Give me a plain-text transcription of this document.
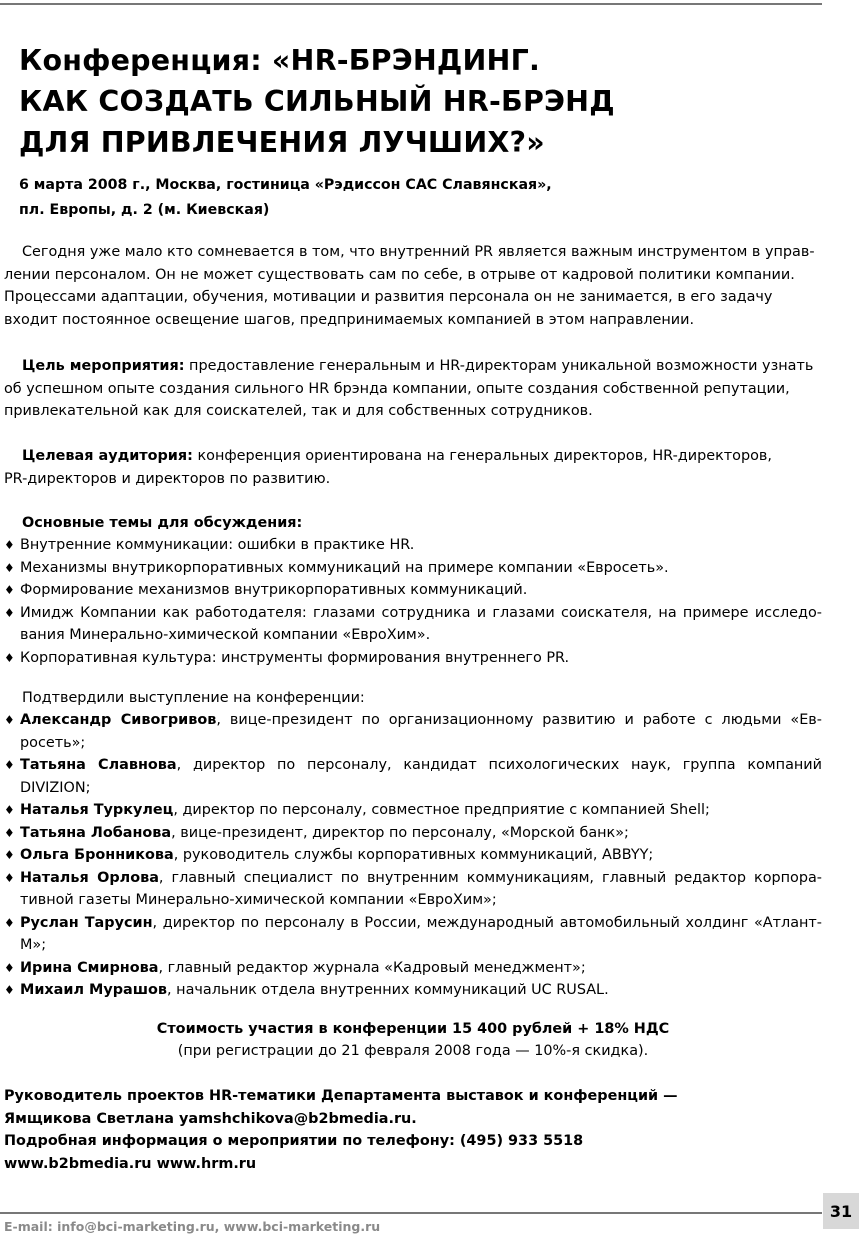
Конференция: «HR-БРЭНДИНГ.
КАК СОЗДАТЬ СИЛЬНЫЙ HR-БРЭНД
ДЛЯ ПРИВЛЕЧЕНИЯ ЛУЧШИХ?»
6 марта 2008 г., Москва, гостиница «Рэдиссон САС Славянская»,
пл. Европы, д. 2 (м. Киевская)

Сегодня уже мало кто сомневается в том, что внутренний PR является важным инструментом в управ-
лении персоналом. Он не может существовать сам по себе, в отрыве от кадровой политики компании.
Процессами адаптации, обучения, мотивации и развития персонала он не занимается, в его задачу
входит постоянное освещение шагов, предпринимаемых компанией в этом направлении.

Цель мероприятия: предоставление генеральным и HR-директорам уникальной возможности узнать
об успешном опыте создания сильного HR брэнда компании, опыте создания собственной репутации,
привлекательной как для соискателей, так и для собственных сотрудников.

Целевая аудитория: конференция ориентирована на генеральных директоров, HR-директоров,
PR-директоров и директоров по развитию.

Основные темы для обсуждения:
♦ Внутренние коммуникации: ошибки в практике HR.
♦ Механизмы внутрикорпоративных коммуникаций на примере компании «Евросеть».
♦ Формирование механизмов внутрикорпоративных коммуникаций.
♦ Имидж Компании как работодателя: глазами сотрудника и глазами соискателя, на примере исследо-вания Минерально-химической компании «ЕвроХим».
♦ Корпоративная культура: инструменты формирования внутреннего PR.
Подтвердили выступление на конференции:
♦ Александр Сивогривов, вице-президент по организационному развитию и работе с людьми «Ев-росеть»;
♦ Татьяна Славнова, директор по персоналу, кандидат психологических наук, группа компаний DIVIZION;
♦ Наталья Туркулец, директор по персоналу, совместное предприятие с компанией Shell;
♦ Татьяна Лобанова, вице-президент, директор по персоналу, «Морской банк»;
♦ Ольга Бронникова, руководитель службы корпоративных коммуникаций, ABBYY;
♦ Наталья Орлова, главный специалист по внутренним коммуникациям, главный редактор корпора-тивной газеты Минерально-химической компании «ЕвроХим»;
♦ Руслан Тарусин, директор по персоналу в России, международный автомобильный холдинг «Атлант-М»;
♦ Ирина Смирнова, главный редактор журнала «Кадровый менеджмент»;
♦ Михаил Мурашов, начальник отдела внутренних коммуникаций UC RUSAL.
Стоимость участия в конференции 15 400 рублей + 18% НДС
(при регистрации до 21 февраля 2008 года — 10%-я скидка).
Руководитель проектов HR-тематики Департамента выставок и конференций —
Ямщикова Светлана yamshchikova@b2bmedia.ru.
Подробная информация о мероприятии по телефону: (495) 933 5518
www.b2bmedia.ru www.hrm.ru
E-mail: info@bci-marketing.ru, www.bci-marketing.ru
31
